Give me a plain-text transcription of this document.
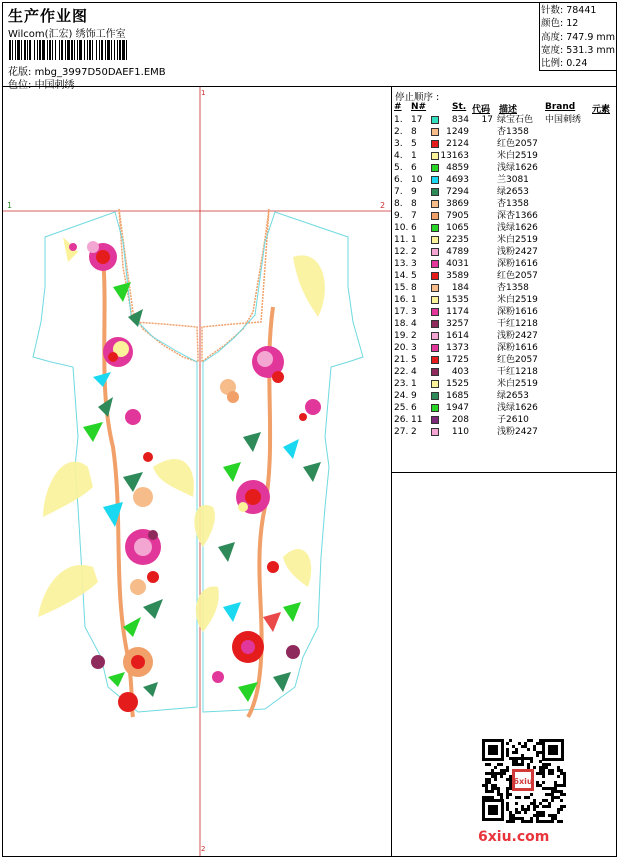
生产作业图
Wilcom(汇宏) 绣饰工作室
花版: mbg_3997D50DAEF1.EMB
针数: 78441
颜色: 12
高度: 747.9 mm
宽度: 531.3 mm
比例: 0.24
停止顺序 :
# N#	St. 代码 描述	Brand 元素
1. 17	834 17 绿宝石色 中国刺绣
2. 8	1249	杏1358
3. 5	2124	红色2057
4. 1	13163	米白2519
5. 6	4859	浅绿1626
6. 10	4693	兰3081
7. 9	7294	绿2653
8. 8	3869	杏1358
9. 7	7905	深杏1366
10. 6	1065	浅绿1626
11. 1	2235	米白2519
12. 2	4789	浅粉2427
13. 3	4031	深粉1616
14. 5	3589	红色2057
15. 8	184	杏1358
16. 1	1535	米白2519
17. 3	1174	深粉1616
18. 4	3257	干红1218
19. 2	1614	浅粉2427
20. 3	1373	深粉1616
21. 5	1725	红色2057
22. 4	403	干红1218
23. 1	1525	米白2519
24. 9	1685	绿2653
25. 6	1947	浅绿1626
26. 11	208	子2610
27. 2	110	浅粉2427
1
1	2
2
6xiu
6xiu.com
